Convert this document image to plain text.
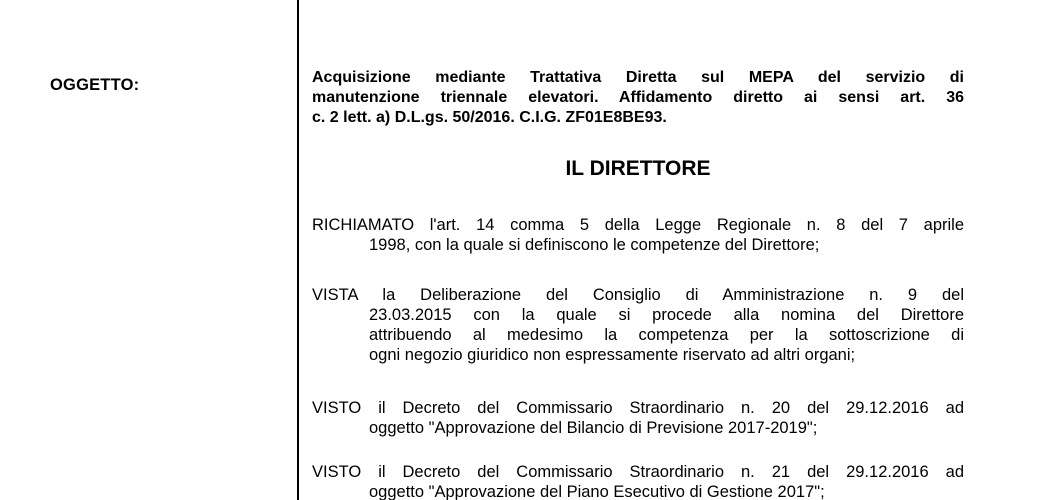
OGGETTO:	Acquisizione mediante Trattativa Diretta sul MEPA del servizio di
manutenzione triennale elevatori. Affidamento diretto ai sensi art. 36
c. 2 lett. a) D.L.gs. 50/2016. C.I.G. ZF01E8BE93.
IL DIRETTORE
RICHIAMATO l'art. 14 comma 5 della Legge Regionale n. 8 del 7 aprile
1998, con la quale si definiscono le competenze del Direttore;
VISTA la Deliberazione del Consiglio di Amministrazione n. 9 del
23.03.2015 con la quale si procede alla nomina del Direttore
attribuendo al medesimo la competenza per la sottoscrizione di
ogni negozio giuridico non espressamente riservato ad altri organi;
VISTO il Decreto del Commissario Straordinario n. 20 del 29.12.2016 ad
oggetto "Approvazione del Bilancio di Previsione 2017-2019";
VISTO il Decreto del Commissario Straordinario n. 21 del 29.12.2016 ad
oggetto "Approvazione del Piano Esecutivo di Gestione 2017";
